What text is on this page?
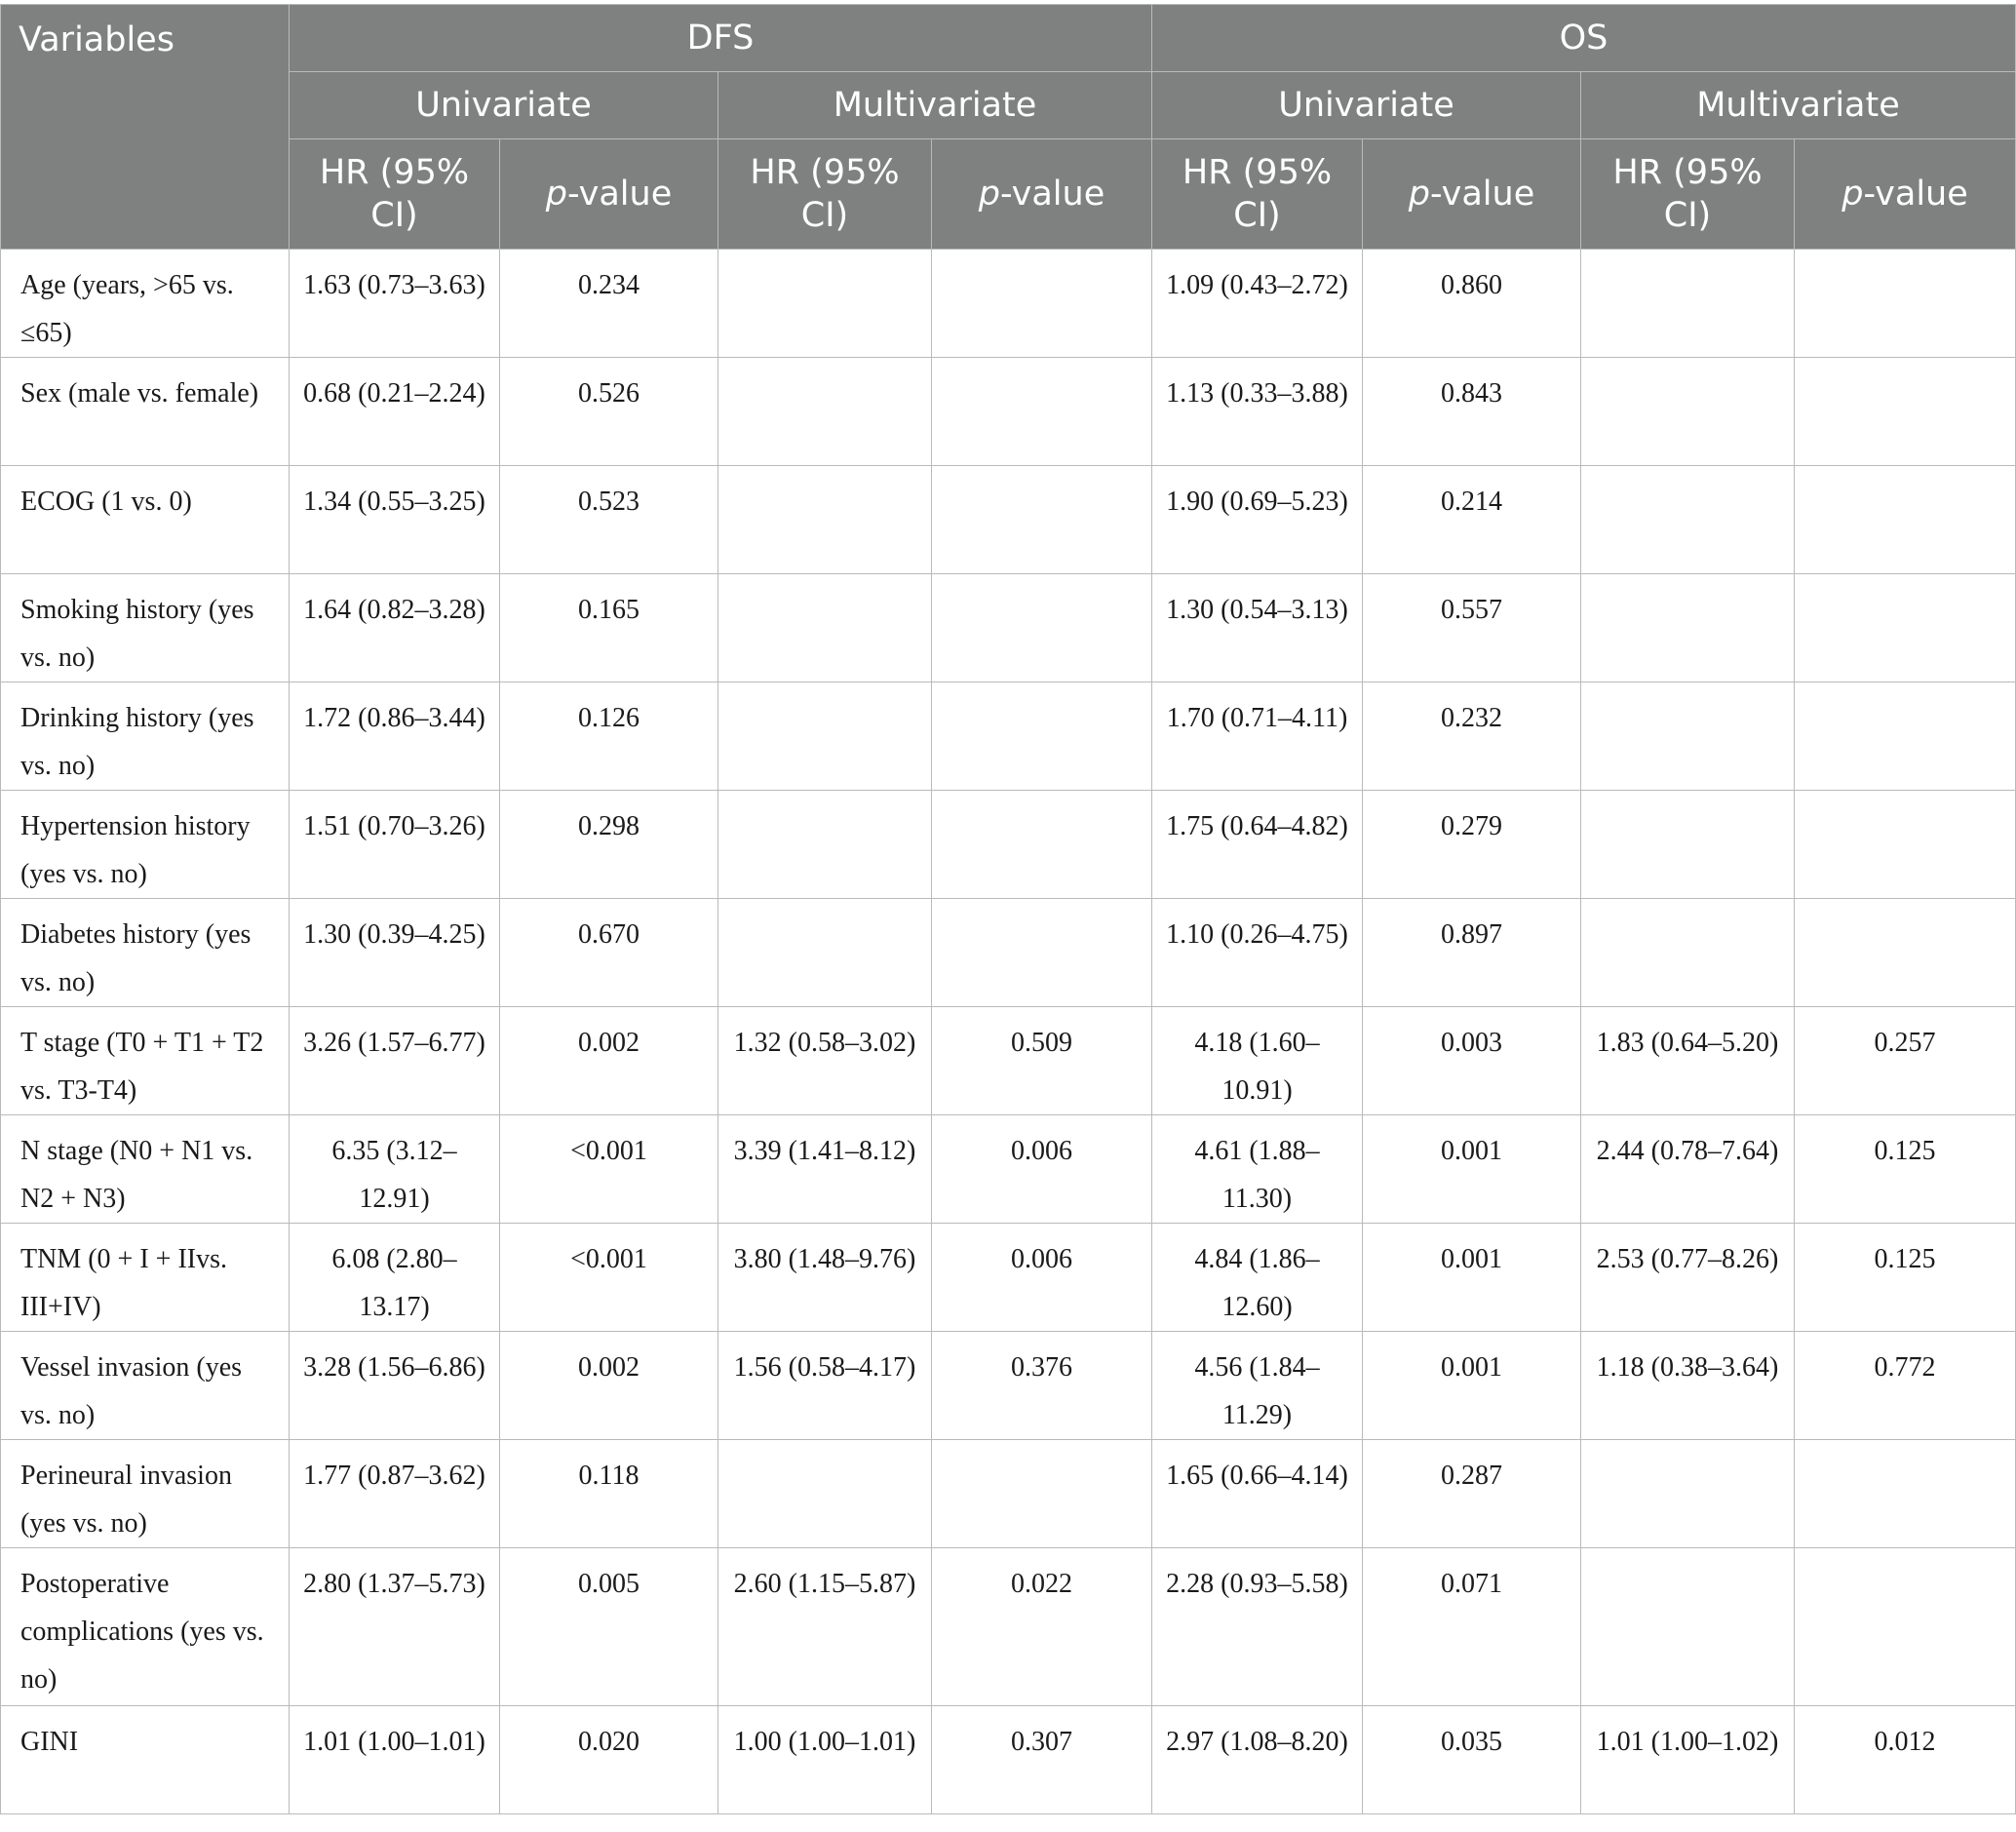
Variables	DFS				OS			
	Univariate		Multivariate		Univariate		Multivariate	
	HR (95% CI)	p-value	HR (95% CI)	p-value	HR (95% CI)	p-value	HR (95% CI)	p-value
Age (years, >65 vs. ≤65)	1.63 (0.73–3.63)	0.234			1.09 (0.43–2.72)	0.860		
Sex (male vs. female)	0.68 (0.21–2.24)	0.526			1.13 (0.33–3.88)	0.843		
ECOG (1 vs. 0)	1.34 (0.55–3.25)	0.523			1.90 (0.69–5.23)	0.214		
Smoking history (yes vs. no)	1.64 (0.82–3.28)	0.165			1.30 (0.54–3.13)	0.557		
Drinking history (yes vs. no)	1.72 (0.86–3.44)	0.126			1.70 (0.71–4.11)	0.232		
Hypertension history (yes vs. no)	1.51 (0.70–3.26)	0.298			1.75 (0.64–4.82)	0.279		
Diabetes history (yes vs. no)	1.30 (0.39–4.25)	0.670			1.10 (0.26–4.75)	0.897		
T stage (T0 + T1 + T2 vs. T3-T4)	3.26 (1.57–6.77)	0.002	1.32 (0.58–3.02)	0.509	4.18 (1.60–10.91)	0.003	1.83 (0.64–5.20)	0.257
N stage (N0 + N1 vs. N2 + N3)	6.35 (3.12–12.91)	<0.001	3.39 (1.41–8.12)	0.006	4.61 (1.88–11.30)	0.001	2.44 (0.78–7.64)	0.125
TNM (0 + I + IIvs. III+IV)	6.08 (2.80–13.17)	<0.001	3.80 (1.48–9.76)	0.006	4.84 (1.86–12.60)	0.001	2.53 (0.77–8.26)	0.125
Vessel invasion (yes vs. no)	3.28 (1.56–6.86)	0.002	1.56 (0.58–4.17)	0.376	4.56 (1.84–11.29)	0.001	1.18 (0.38–3.64)	0.772
Perineural invasion (yes vs. no)	1.77 (0.87–3.62)	0.118			1.65 (0.66–4.14)	0.287		
Postoperative complications (yes vs. no)	2.80 (1.37–5.73)	0.005	2.60 (1.15–5.87)	0.022	2.28 (0.93–5.58)	0.071		
GINI	1.01 (1.00–1.01)	0.020	1.00 (1.00–1.01)	0.307	2.97 (1.08–8.20)	0.035	1.01 (1.00–1.02)	0.012
